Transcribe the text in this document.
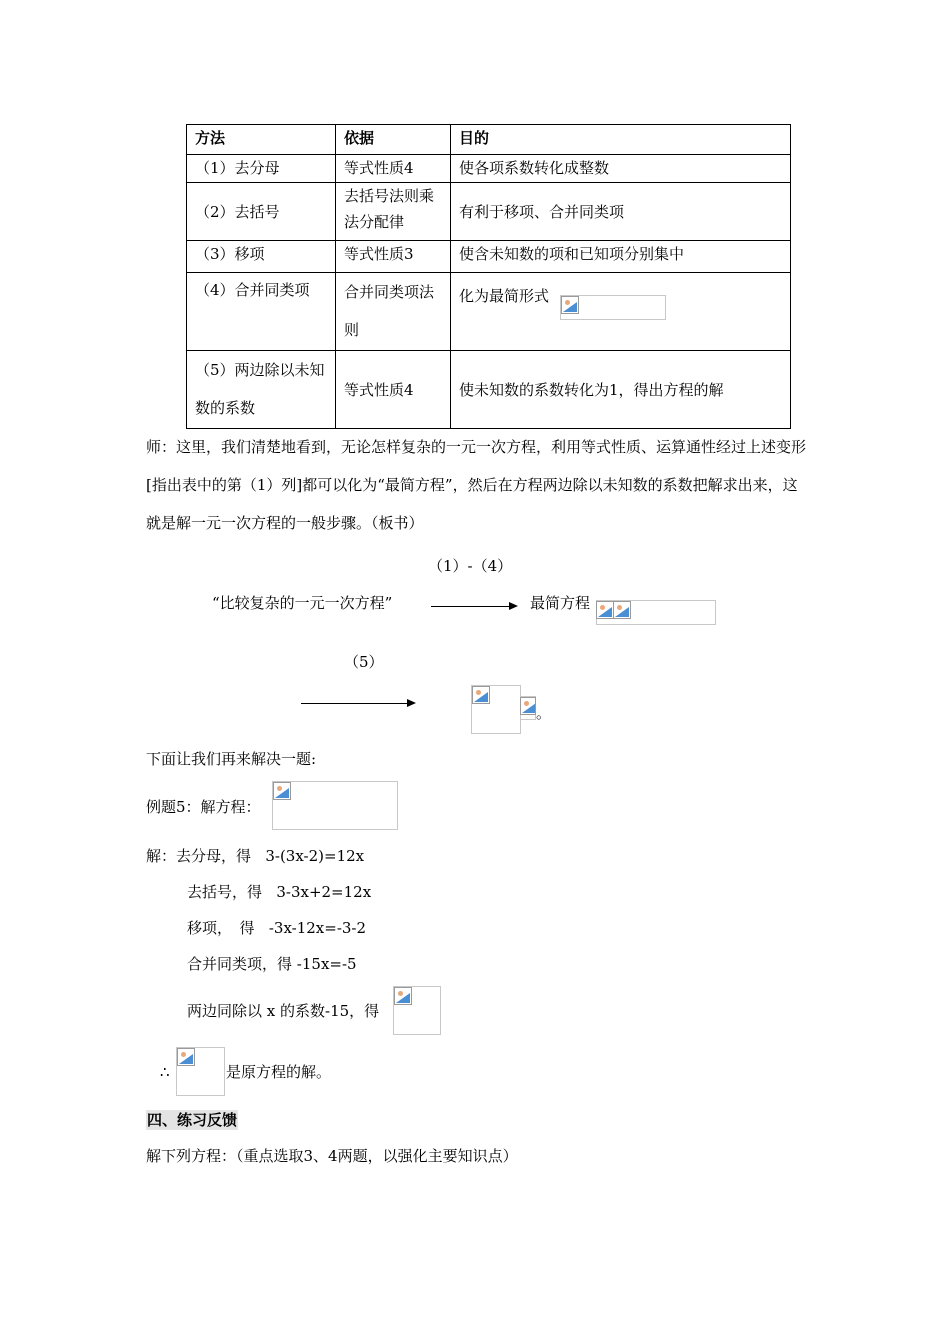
方法	依据	目的
（1）去分母	等式性质4	使各项系数转化成整数
（2）去括号	去括号法则乘法分配律	有利于移项、合并同类项
（3）移项	等式性质3	使含未知数的项和已知项分别集中
（4）合并同类项	合并同类项法则	化为最简形式
（5）两边除以未知数的系数	等式性质4	使未知数的系数转化为1，得出方程的解
师：这里，我们清楚地看到，无论怎样复杂的一元一次方程，利用等式性质、运算通性经过上述变形[指出表中的第（1）列]都可以化为“最简方程”，然后在方程两边除以未知数的系数把解求出来，这就是解一元一次方程的一般步骤。（板书）
（1）-（4）
“比较复杂的一元一次方程”	最简方程
（5）
。
下面让我们再来解决一题:
例题5：解方程：
解：去分母，得 3-(3x-2)=12x
去括号，得 3-3x+2=12x
移项，　得 -3x-12x=-3-2
合并同类项，得 -15x=-5
两边同除以 x 的系数-15，得
∴	是原方程的解。
四、练习反馈
解下列方程：（重点选取3、4两题，以强化主要知识点）
